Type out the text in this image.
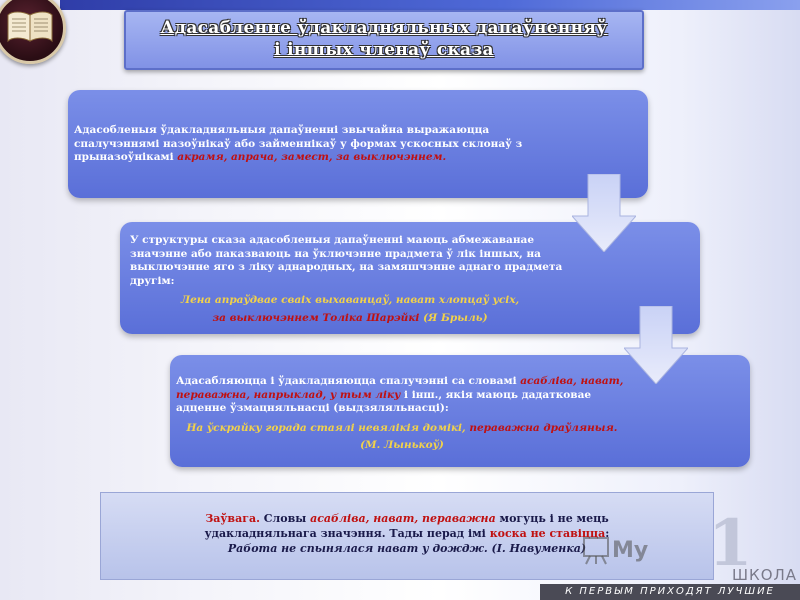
Адасабленне ўдакладняльных дапаўненняў
і іншых членаў сказа
Адасобленыя ўдакладняльныя дапаўненні звычайна выражаюцца спалучэннямі назоўнікаў або займеннікаў у формах ускосных склонаў з прыназоўнікамі акрамя, апрача, замест, за выключэннем.
У структуры сказа адасобленыя дапаўненні маюць абмежаванае значэнне або паказваюць на ўключэнне прадмета ў лік іншых, на выключэнне яго з ліку аднародных, на замяшчэнне аднаго прадмета другім:
Лена апраўдвае сваіх выхаванцаў, нават хлопцаў усіх,
за выключэннем Толіка Шарэйкі (Я Брыль)
Адасабляюцца і ўдакладняюцца спалучэнні са словамі асабліва, нават, пераважна, напрыклад, у тым ліку і інш., якія маюць дадатковае адценне ўзмацняльнасці (выдзяляльнасці):
На ўскрайку горада стаялі невялікія домікі, пераважна драўляныя.
(М. Лынькоў)
Заўвага. Словы асабліва, нават, пераважна могуць і не мець
удакладняльнага значэння. Тады перад імі коска не ставіцца:
Работа не спынялася нават у дождж. (І. Навуменка)	My 1
ШКОЛА
К ПЕРВЫМ ПРИХОДЯТ ЛУЧШИЕ
